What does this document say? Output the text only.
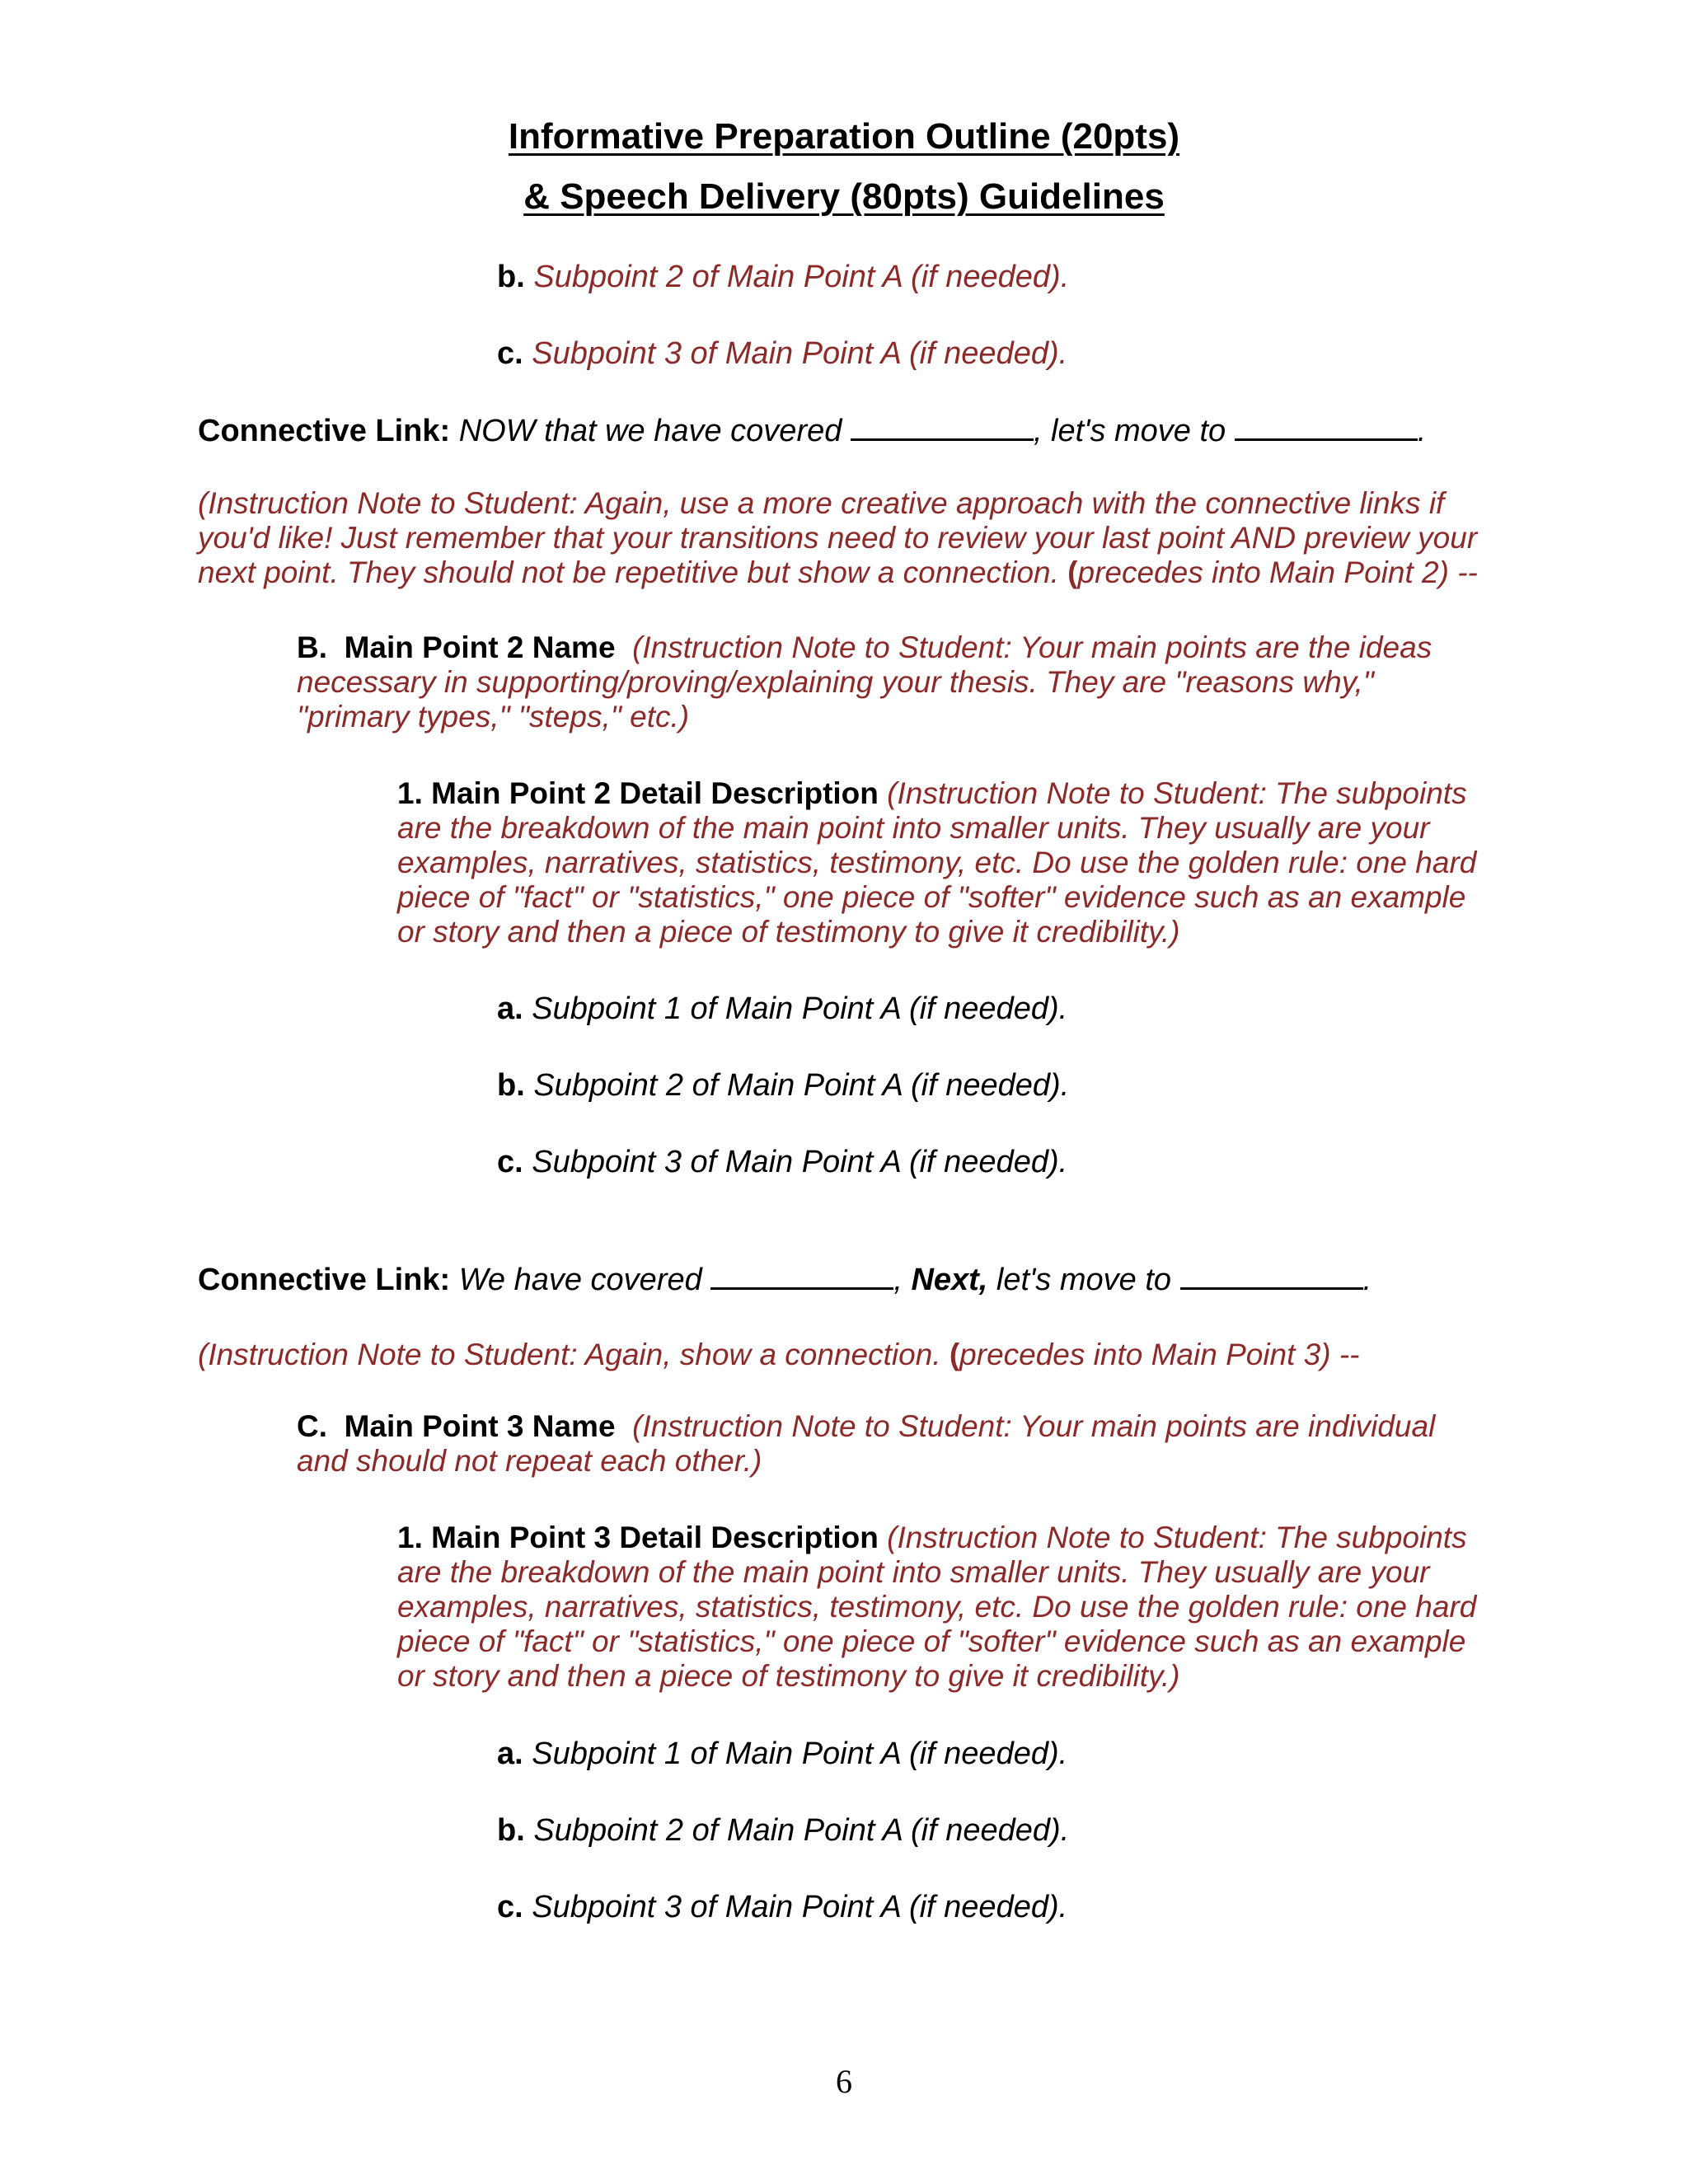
Informative Preparation Outline (20pts)
& Speech Delivery (80pts) Guidelines
b. Subpoint 2 of Main Point A (if needed).
c. Subpoint 3 of Main Point A (if needed).
Connective Link: NOW that we have covered	, let's move to	.
(Instruction Note to Student: Again, use a more creative approach with the connective links if you'd like! Just remember that your transitions need to review your last point AND preview your next point. They should not be repetitive but show a connection. (precedes into Main Point 2) --
B. Main Point 2 Name (Instruction Note to Student: Your main points are the ideas necessary in supporting/proving/explaining your thesis. They are "reasons why," "primary types," "steps," etc.)
1. Main Point 2 Detail Description (Instruction Note to Student: The subpoints are the breakdown of the main point into smaller units. They usually are your examples, narratives, statistics, testimony, etc. Do use the golden rule: one hard piece of "fact" or "statistics," one piece of "softer" evidence such as an example or story and then a piece of testimony to give it credibility.)
a. Subpoint 1 of Main Point A (if needed).
b. Subpoint 2 of Main Point A (if needed).
c. Subpoint 3 of Main Point A (if needed).
Connective Link: We have covered	, Next, let's move to	.
(Instruction Note to Student: Again, show a connection. (precedes into Main Point 3) --
C. Main Point 3 Name (Instruction Note to Student: Your main points are individual and should not repeat each other.)
1. Main Point 3 Detail Description (Instruction Note to Student: The subpoints are the breakdown of the main point into smaller units. They usually are your examples, narratives, statistics, testimony, etc. Do use the golden rule: one hard piece of "fact" or "statistics," one piece of "softer" evidence such as an example or story and then a piece of testimony to give it credibility.)
a. Subpoint 1 of Main Point A (if needed).
b. Subpoint 2 of Main Point A (if needed).
c. Subpoint 3 of Main Point A (if needed).
6
